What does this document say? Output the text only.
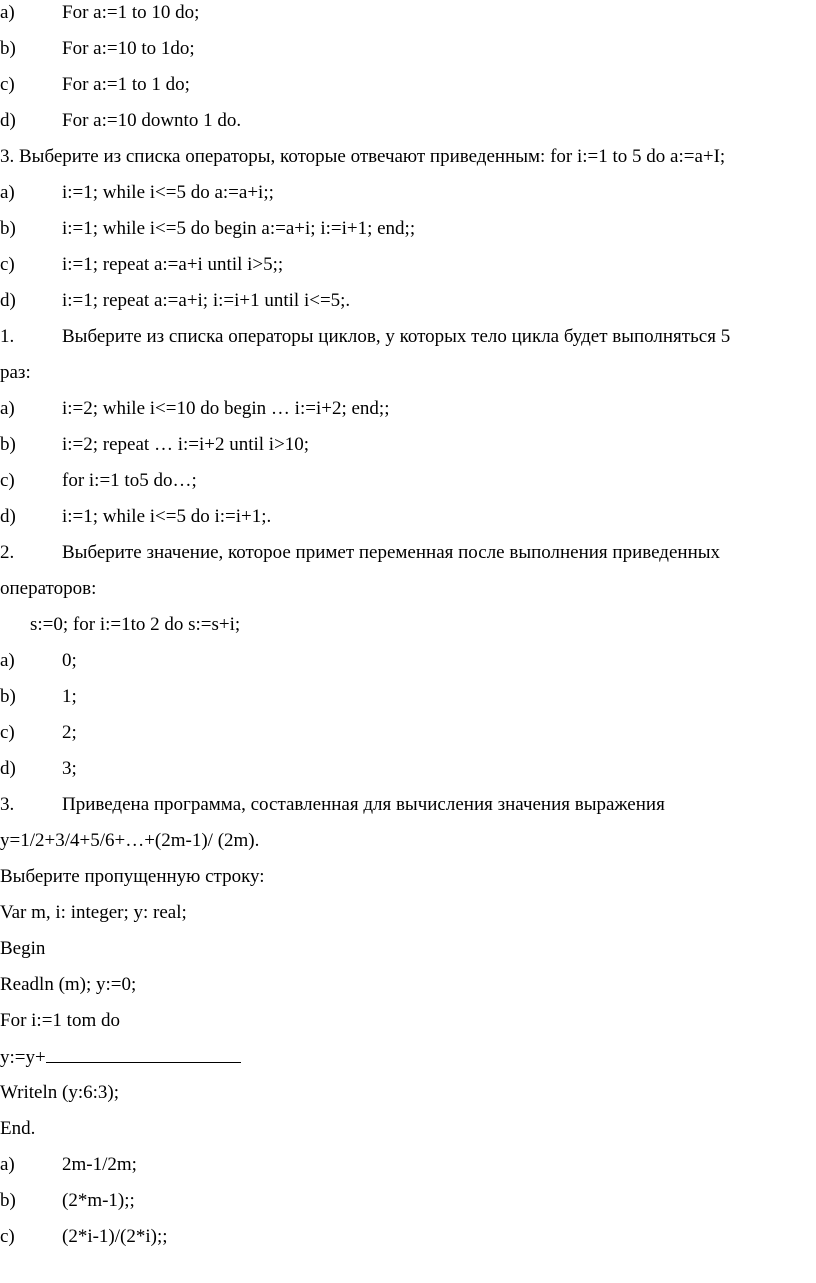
a)	For a:=1 to 10 do;
b)	For a:=10 to 1do;
c)	For a:=1 to 1 do;
d)	For a:=10 downto 1 do.
3. Выберите из списка операторы, которые отвечают приведенным: for i:=1 to 5 do a:=a+I;
a)	i:=1; while i<=5 do a:=a+i;;
b)	i:=1; while i<=5 do begin a:=a+i; i:=i+1; end;;
c)	i:=1; repeat a:=a+i until i>5;;
d)	i:=1; repeat a:=a+i; i:=i+1 until i<=5;.
1.	Выберите из списка операторы циклов, у которых тело цикла будет выполняться 5
раз:
a)	i:=2; while i<=10 do begin … i:=i+2; end;;
b)	i:=2; repeat … i:=i+2 until i>10;
c)	for i:=1 to5 do…;
d)	i:=1; while i<=5 do i:=i+1;.
2.	Выберите значение, которое примет переменная после выполнения приведенных
операторов:
s:=0; for i:=1to 2 do s:=s+i;
a)	0;
b)	1;
c)	2;
d)	3;
3.	Приведена программа, составленная для вычисления значения выражения
y=1/2+3/4+5/6+…+(2m-1)/ (2m).
Выберите пропущенную строку:
Var m, i: integer; y: real;
Begin
Readln (m); y:=0;
For i:=1 tom do
y:=y+
Writeln (y:6:3);
End.
a)	2m-1/2m;
b)	(2*m-1);;
c)	(2*i-1)/(2*i);;
